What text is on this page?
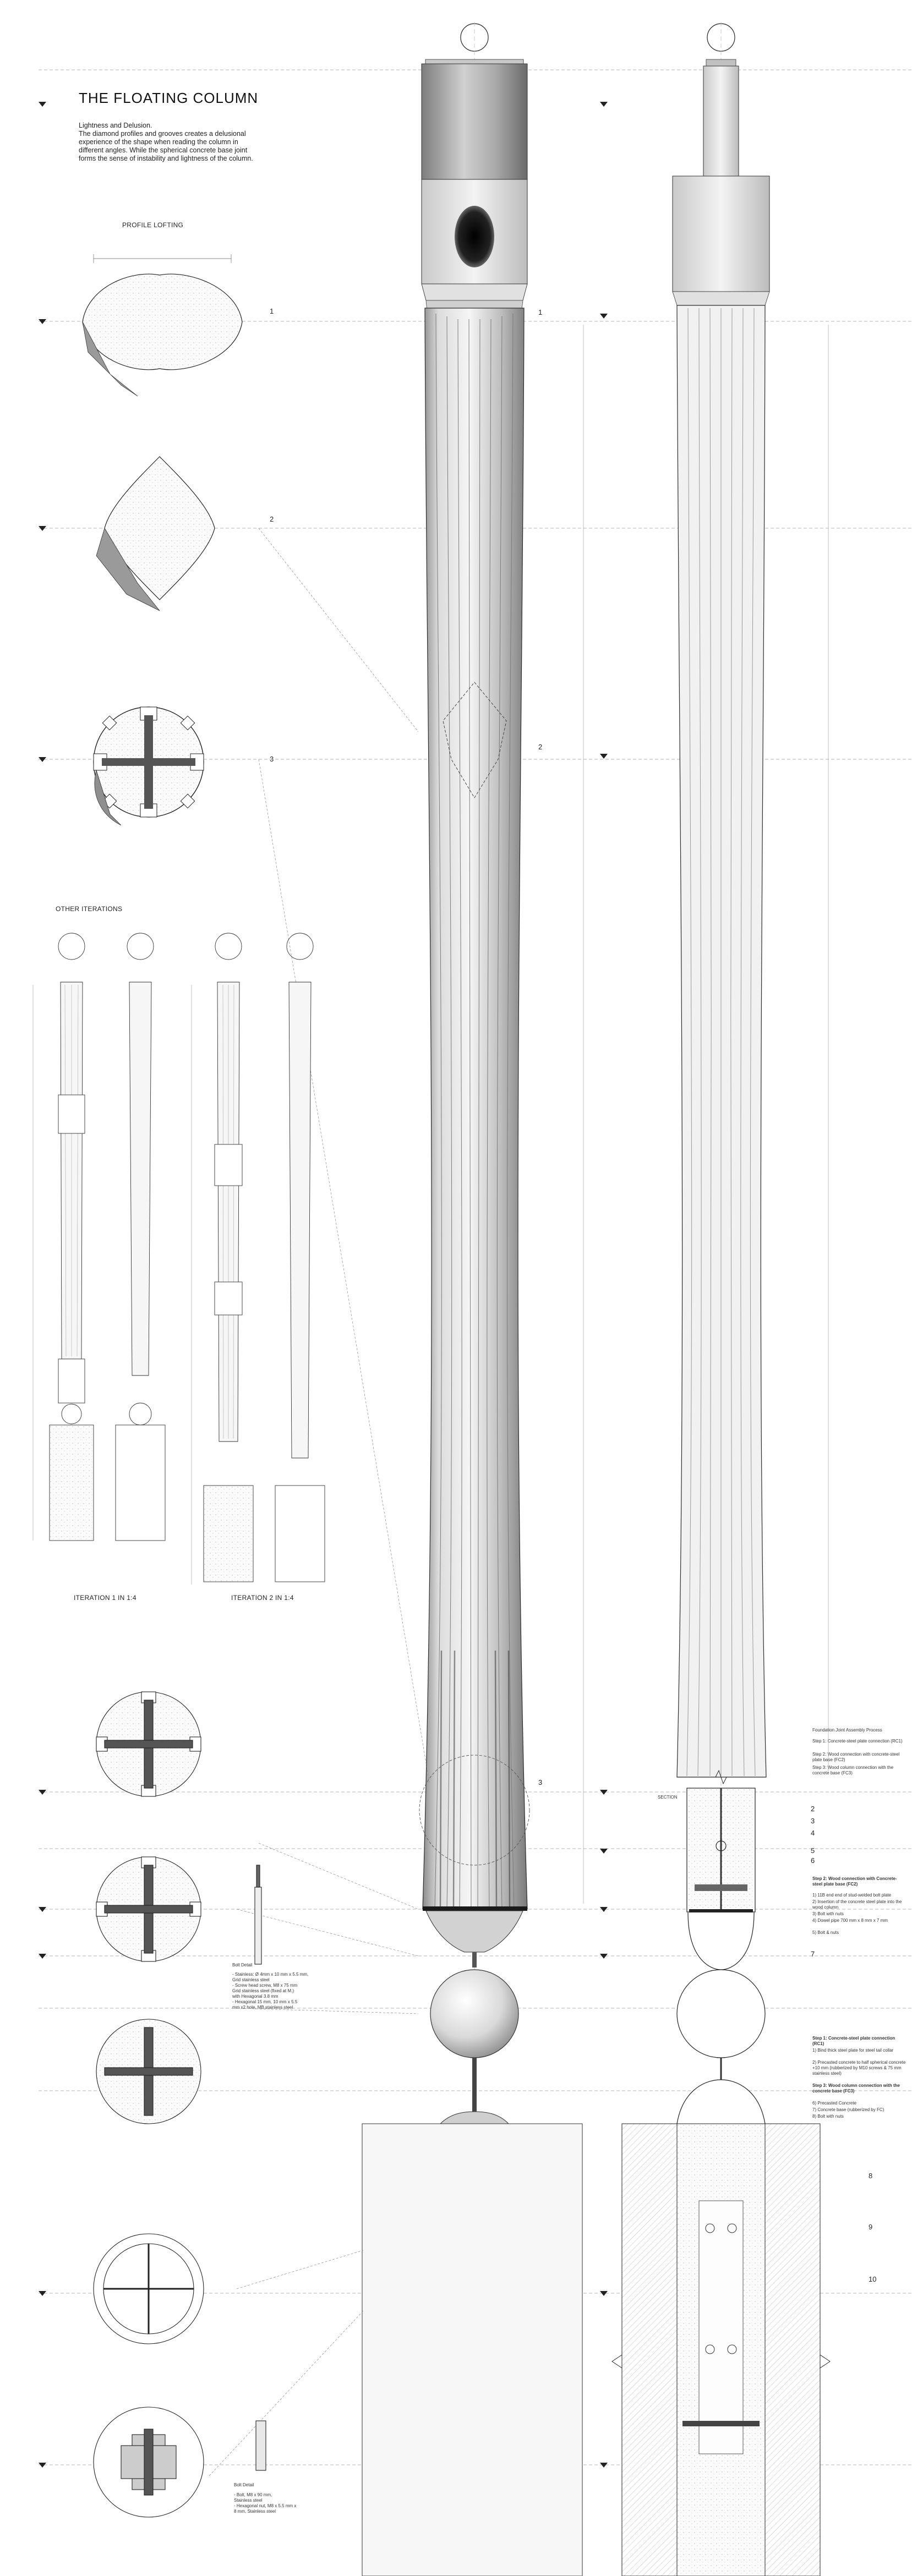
THE FLOATING COLUMN
Lightness and Delusion.
The diamond profiles and grooves creates a delusional
experience of the shape when reading the column in
different angles. While the spherical concrete base joint
forms the sense of instability and lightness of the column.
PROFILE LOFTING
OTHER ITERATIONS
ITERATION 1 IN 1:4	ITERATION 2 IN 1:4
1
2
3
1
2
3
SECTION
Bolt Detail
- Stainless: Ø 4mm x 10 mm x 5.5 mm,
Grid stainless steel
- Screw head screw, M8 x 75 mm
Grid stainless steel (fixed at M.)
with Hexagonal 3.8 mm
- Hexagonal 15 mm, 10 mm x 5.5
mm x2 hole, MB stainless steel
Bolt Detail
- Bolt, M8 x 90 mm,
Stainless steel
- Hexagonal nut, M8 x 5.5 mm x
8 mm, Stainless steel
Foundation Joint Assembly Process
Step 1: Concrete-steel plate connection (RC1)
Step 2: Wood connection with concrete-steel plate base (FC2)
Step 3: Wood column connection with the concrete base (FC3)
Step 2: Wood connection with Concrete-steel plate base (FC2)
1) 11B end end of stud-welded bolt plate
2) Insertion of the concrete steel plate into the wood column
3) Bolt with nuts
4) Dowel pipe 700 mm x 8 mm x 7 mm
5) Bolt & nuts
Step 1: Concrete-steel plate connection (RC1)
1) Bind thick steel plate for steel tail collar
2) Precasted concrete to half spherical concrete +10 mm (rubberized by M10 screws & 75 mm stainless steel)
Step 3: Wood column connection with the concrete base (FC3)
6) Precasted Concrete
7) Concrete base (rubberized by FC)
8) Bolt with nuts
2
3
4
5
6
7
8
9
10
